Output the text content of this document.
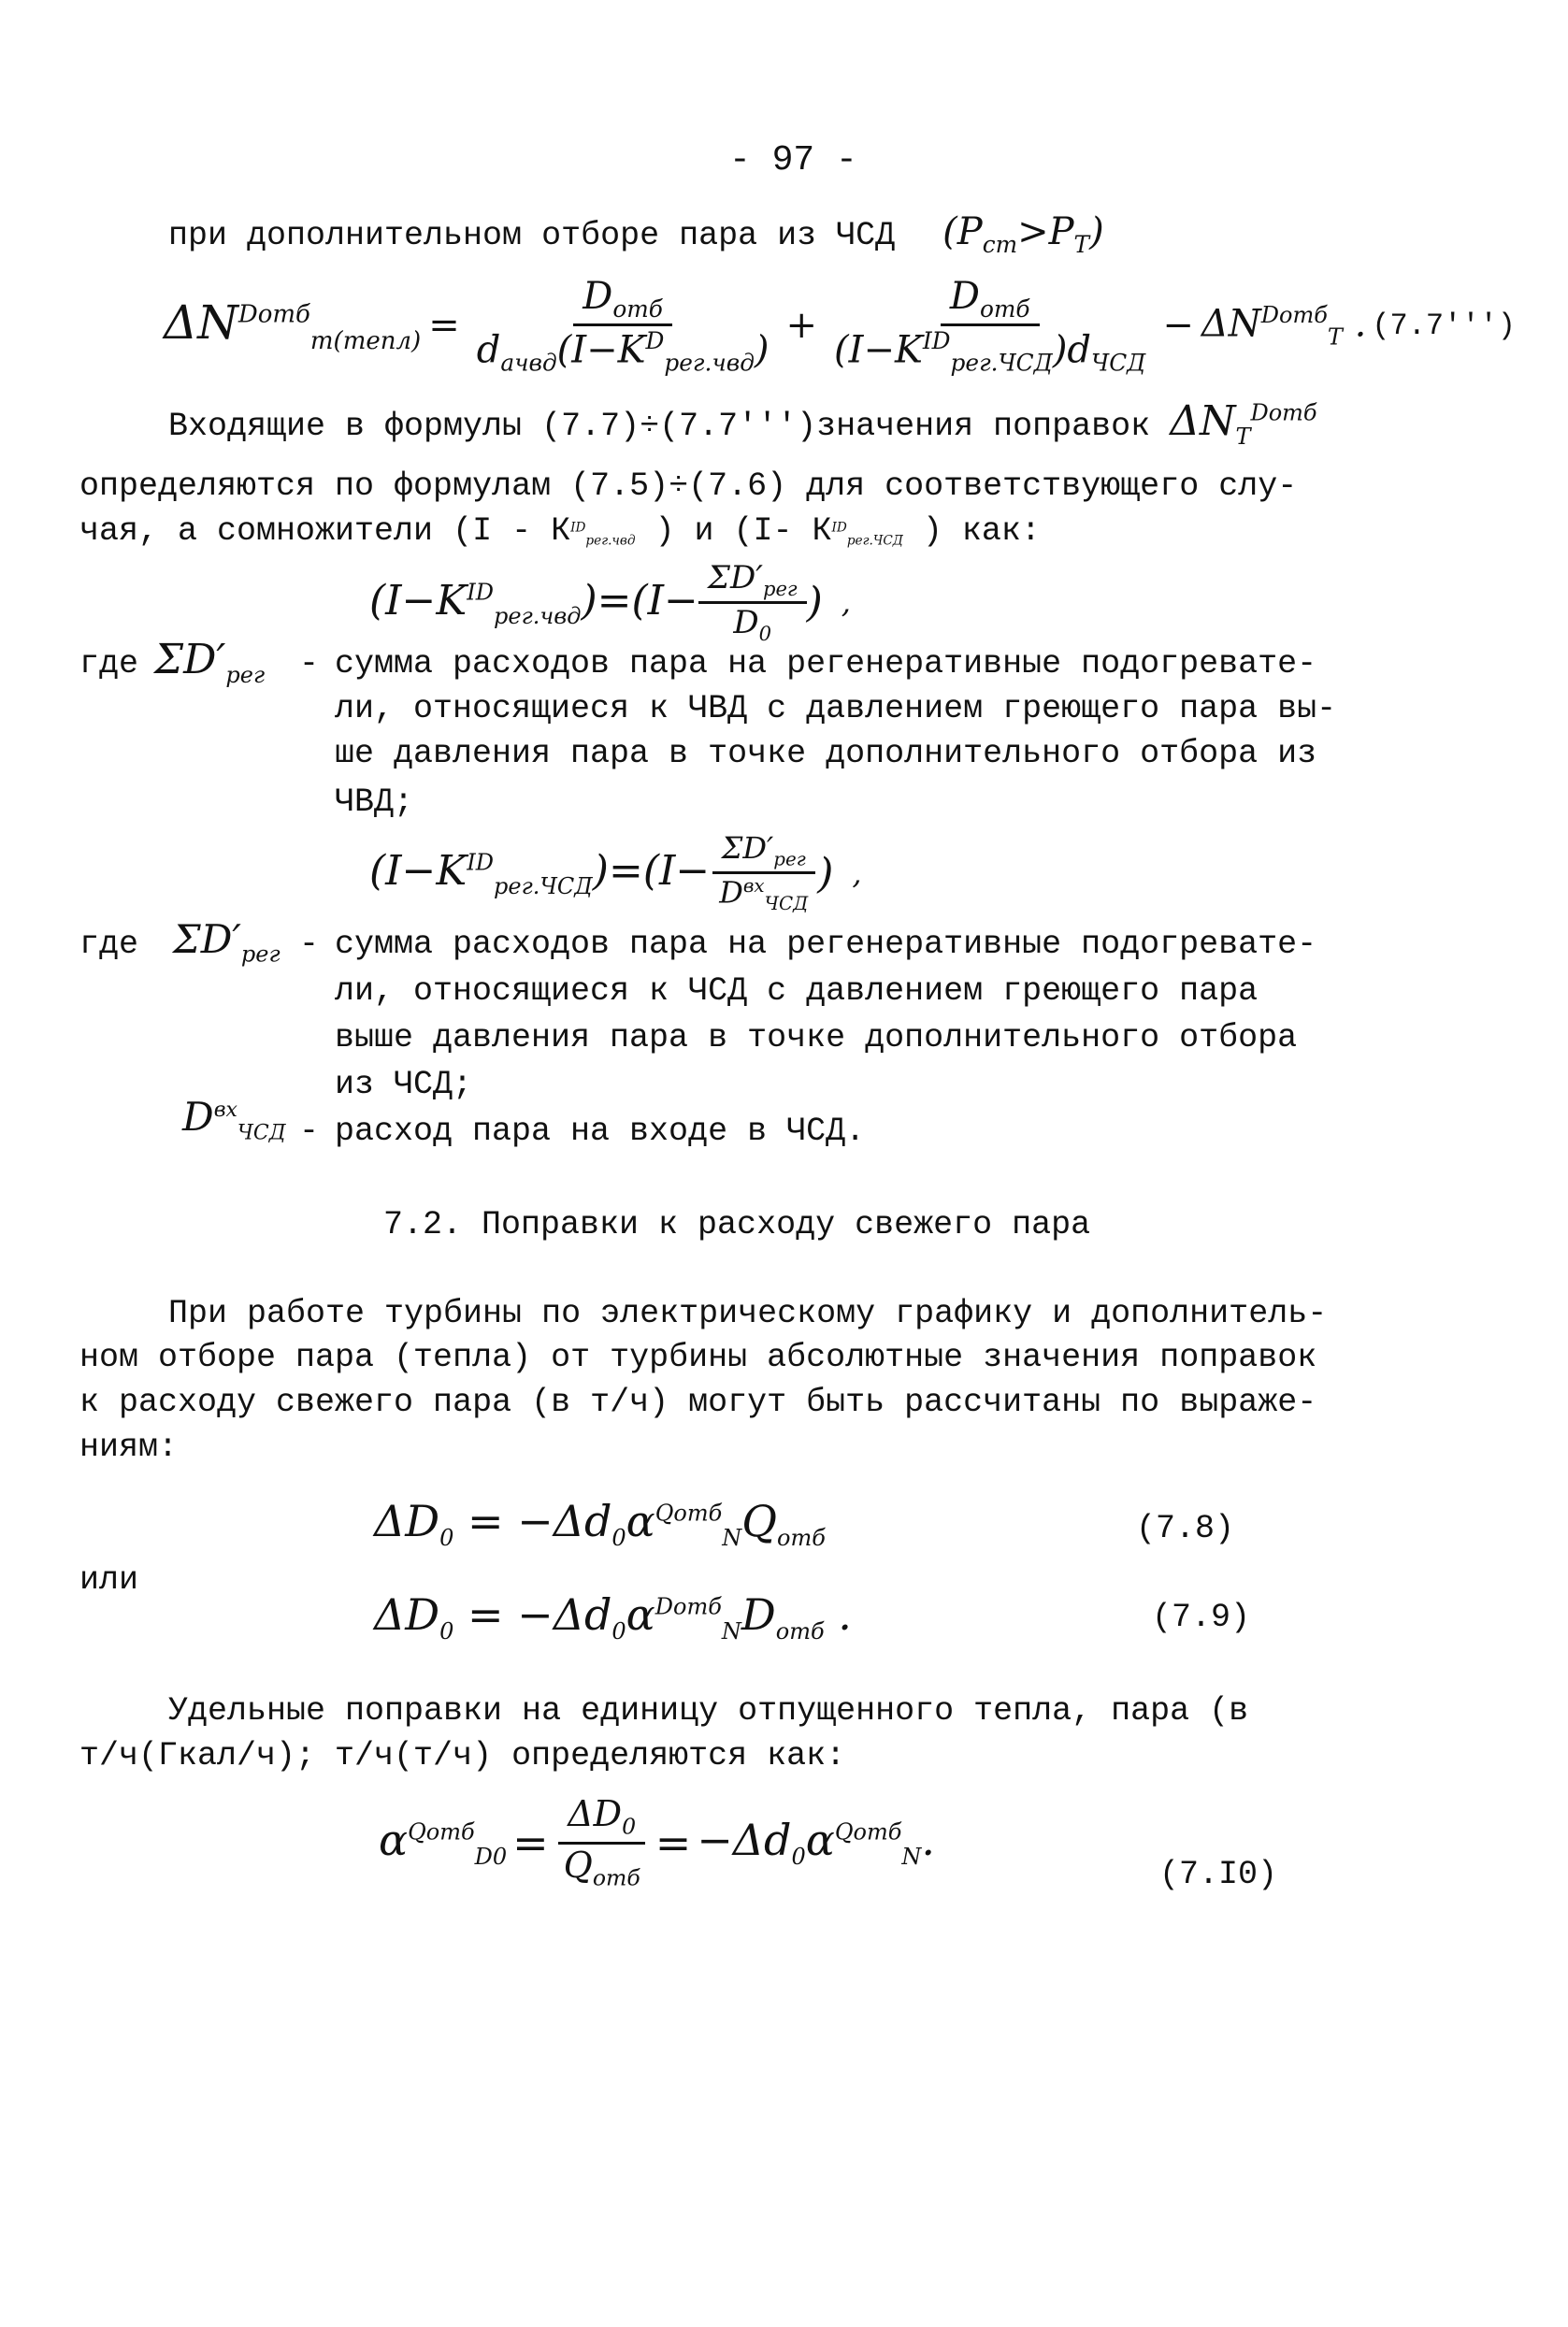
- 97 -
при дополнительном отборе пара из ЧСД $(P_{ст}>P_Т)$
$\Delta N^{Dотб}_{т(тепл)} = \frac{D_{отб}}{d_{aчвд}(I-K^D_{рег.чвд})} + \frac{D_{отб}}{(I-K^{ID}_{рег.ЧСД})d_{ЧСД}} - \Delta N^{Dотб}_Т$ . (7.7''')
Входящие в формулы (7.7)÷(7.7''')значения поправок $\Delta N_Т^{Dотб}$
определяются по формулам (7.5)÷(7.6) для соответствующего слу-
чая, а сомножители ($I - К^{ID}_{рег.чвд}$ ) и (I- $К^{ID}_{рег.ЧСД}$ ) как:
$(I-K^{ID}_{рег.чвд})=(I- \frac{\Sigma D'_{рег}}{D_0}$ ) ,
где $\Sigma D'_{рег}$ - сумма расходов пара на регенеративные подогревате-
ли, относящиеся к ЧВД с давлением греющего пара вы-
ше давления пара в точке дополнительного отбора из
ЧВД;
$(I-K^{ID}_{рег.ЧСД})=(I- \frac{\Sigma D'_{рег}}{D^{вх}_{ЧСД}}$ ) ,
где $\Sigma D'_{рег}$ - сумма расходов пара на регенеративные подогревате-
ли, относящиеся к ЧСД с давлением греющего пара
выше давления пара в точке дополнительного отбора
из ЧСД;
$D^{вх}_{ЧСД}$ - расход пара на входе в ЧСД.
7.2. Поправки к расходу свежего пара
При работе турбины по электрическому графику и дополнитель-
ном отборе пара (тепла) от турбины абсолютные значения поправок
к расходу свежего пара (в т/ч) могут быть рассчитаны по выраже-
ниям:
$\Delta D_0 = -\Delta d_0\alpha^{Qотб}_NQ_{отб}$	(7.8)
или
$\Delta D_0 = -\Delta d_0\alpha^{Dотб}_ND_{отб}$ .	(7.9)
Удельные поправки на единицу отпущенного тепла, пара (в
т/ч(Гкал/ч); т/ч(т/ч) определяются как:
$\alpha^{Qотб}_{D0} = \frac{\Delta D_0}{Q_{отб}} = -\Delta d_0\alpha^{Qотб}_N$.
(7.I0)
